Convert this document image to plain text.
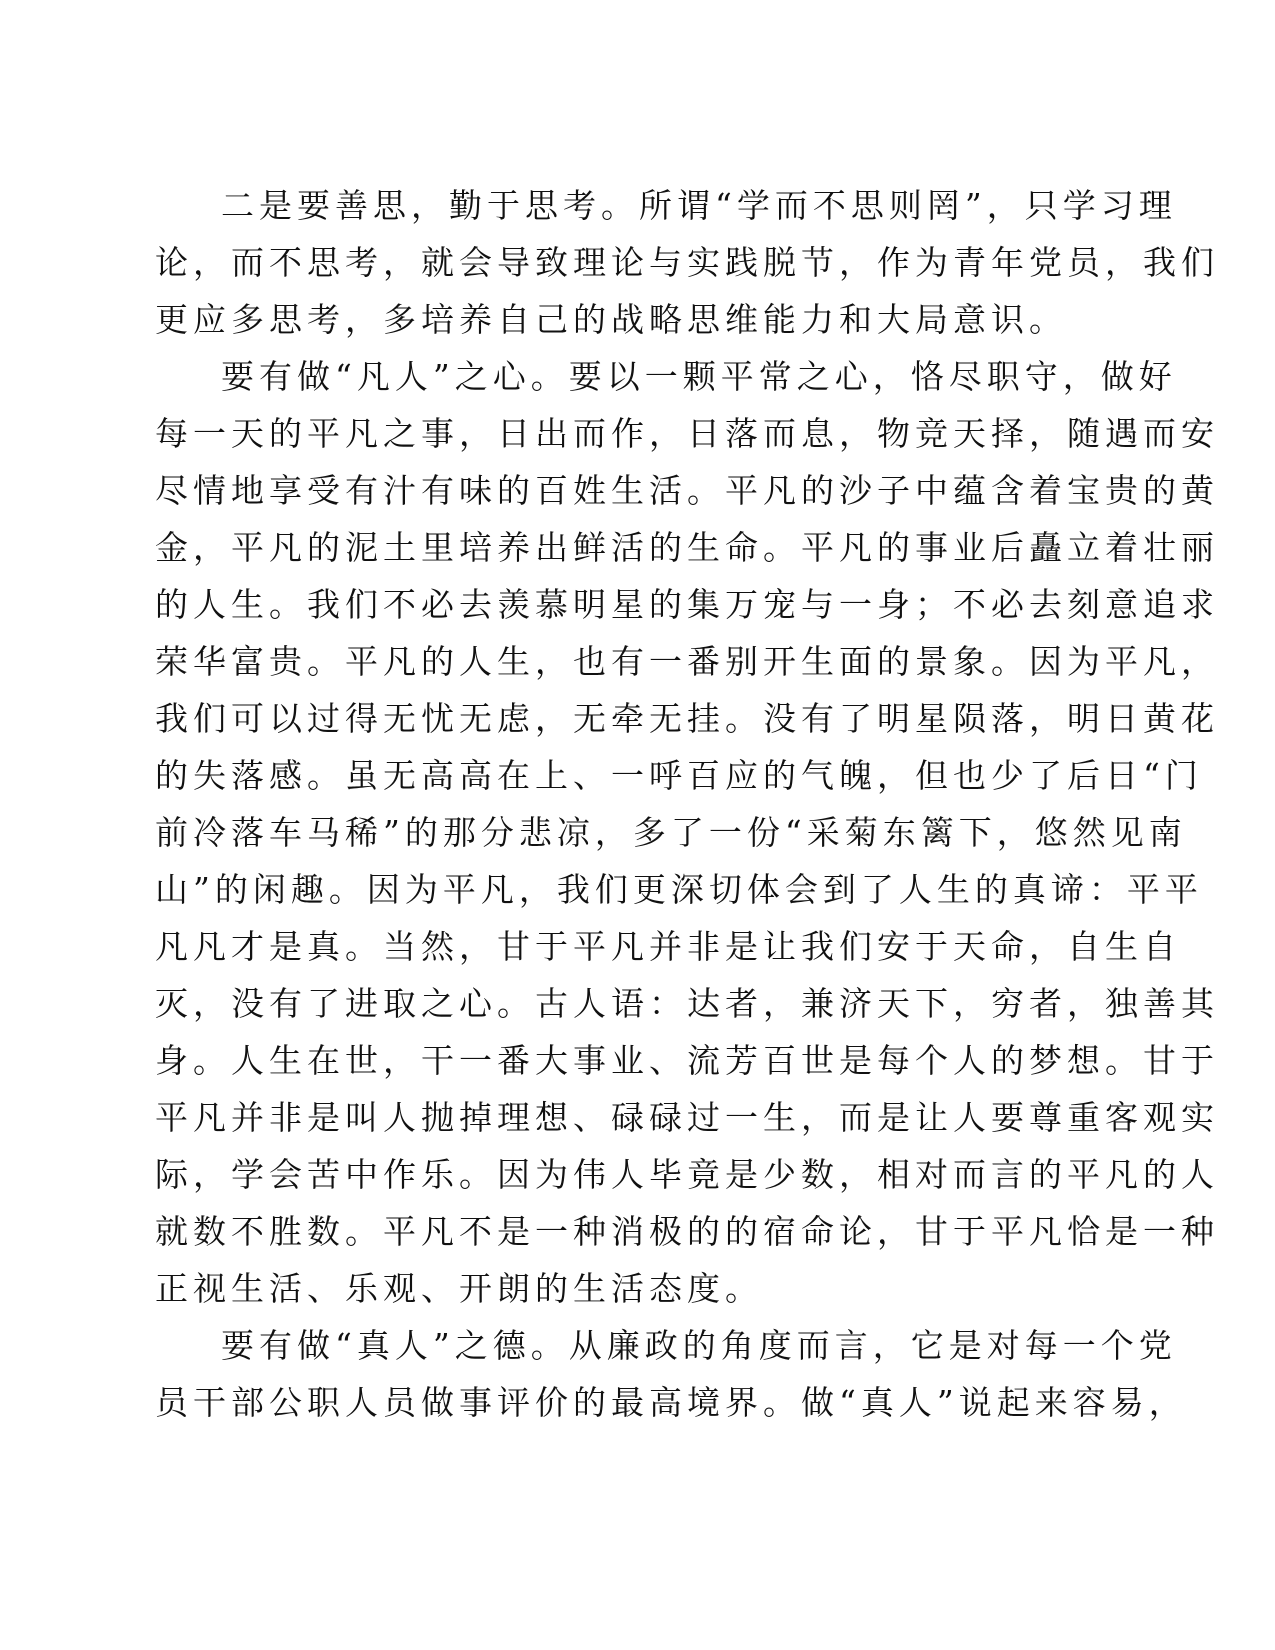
二是要善思，勤于思考。所谓“学而不思则罔”，只学习理
论，而不思考，就会导致理论与实践脱节，作为青年党员，我们
更应多思考，多培养自己的战略思维能力和大局意识。
要有做“凡人”之心。要以一颗平常之心，恪尽职守，做好
每一天的平凡之事，日出而作，日落而息，物竞天择，随遇而安
尽情地享受有汁有味的百姓生活。平凡的沙子中蕴含着宝贵的黄
金，平凡的泥土里培养出鲜活的生命。平凡的事业后矗立着壮丽
的人生。我们不必去羡慕明星的集万宠与一身；不必去刻意追求
荣华富贵。平凡的人生，也有一番别开生面的景象。因为平凡，
我们可以过得无忧无虑，无牵无挂。没有了明星陨落，明日黄花
的失落感。虽无高高在上、一呼百应的气魄，但也少了后日“门
前冷落车马稀”的那分悲凉，多了一份“采菊东篱下，悠然见南
山”的闲趣。因为平凡，我们更深切体会到了人生的真谛：平平
凡凡才是真。当然，甘于平凡并非是让我们安于天命，自生自
灭，没有了进取之心。古人语：达者，兼济天下，穷者，独善其
身。人生在世，干一番大事业、流芳百世是每个人的梦想。甘于
平凡并非是叫人抛掉理想、碌碌过一生，而是让人要尊重客观实
际，学会苦中作乐。因为伟人毕竟是少数，相对而言的平凡的人
就数不胜数。平凡不是一种消极的的宿命论，甘于平凡恰是一种
正视生活、乐观、开朗的生活态度。
要有做“真人”之德。从廉政的角度而言，它是对每一个党
员干部公职人员做事评价的最高境界。做“真人”说起来容易，
